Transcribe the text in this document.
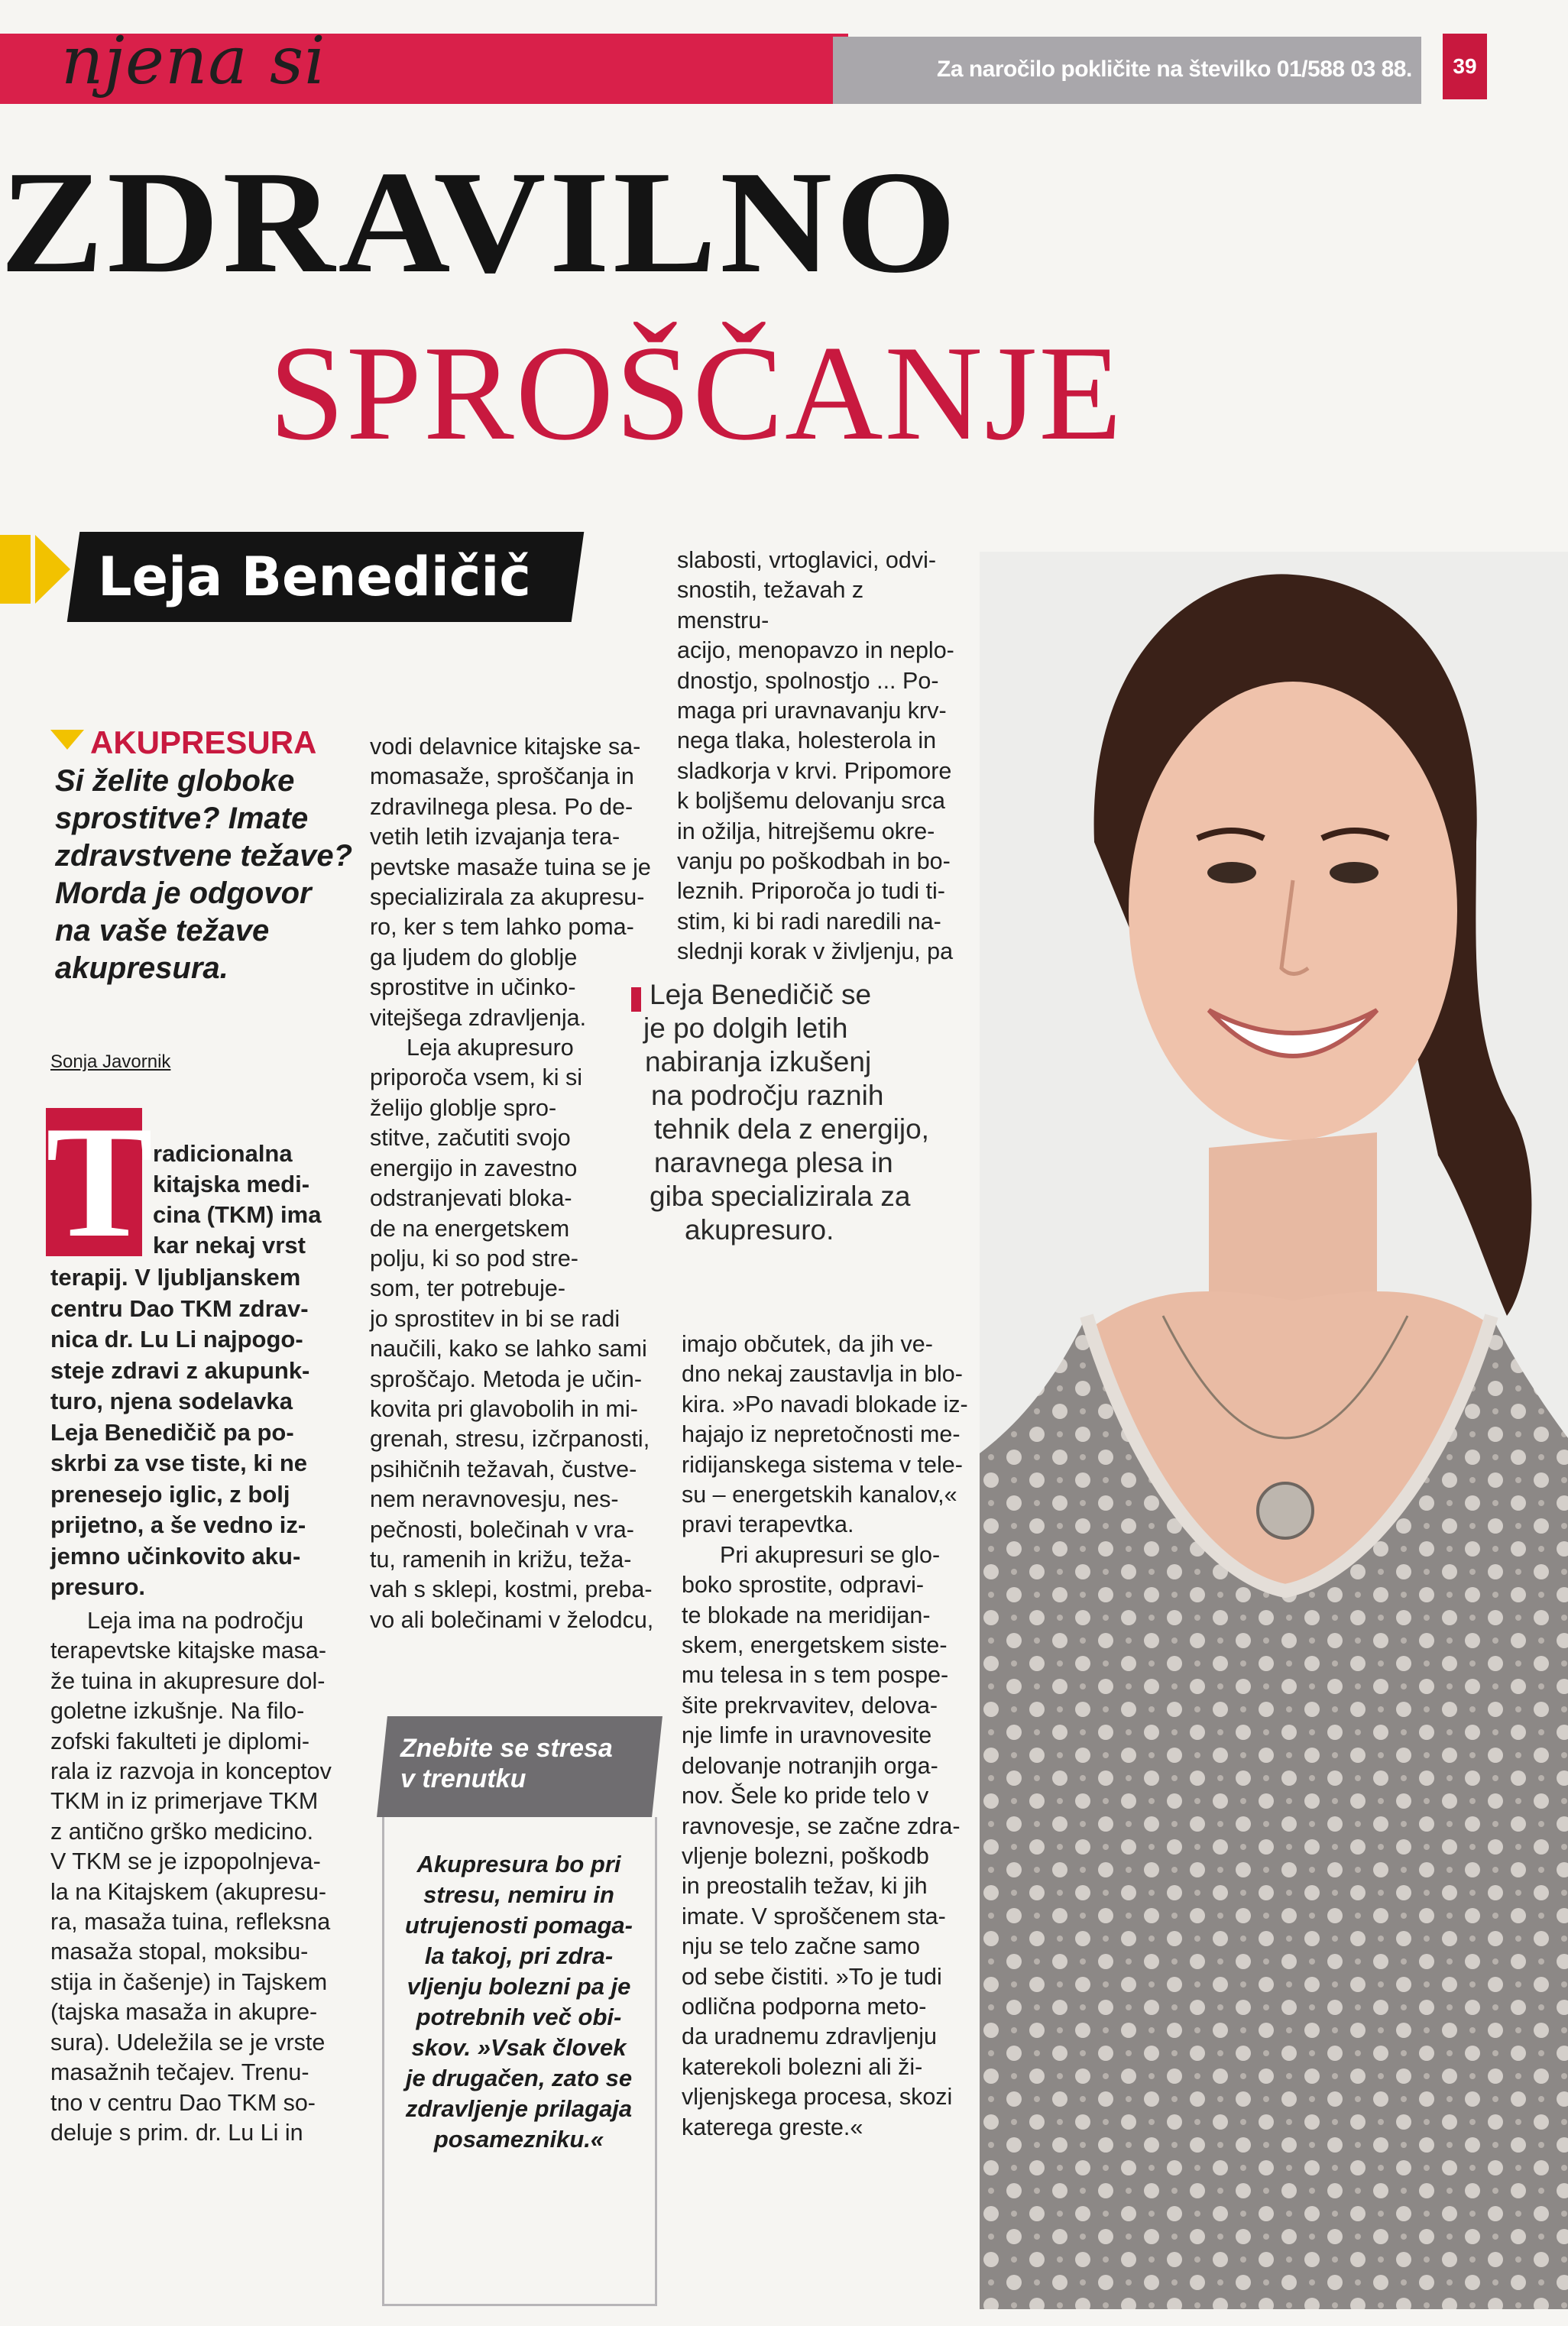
njena si	Za naročilo pokličite na številko 01/588 03 88.	39
ZDRAVILNO
SPROŠČANJE
Leja Benedičič
AKUPRESURA
Si želite globoke
sprostitve? Imate
zdravstvene težave?
Morda je odgovor
na vaše težave
akupresura.
Sonja Javornik
T radicionalna
kitajska medi-
cina (TKM) ima
kar nekaj vrst
terapij. V ljubljanskem
centru Dao TKM zdrav-
nica dr. Lu Li najpogo-
steje zdravi z akupunk-
turo, njena sodelavka
Leja Benedičič pa po-
skrbi za vse tiste, ki ne
prenesejo iglic, z bolj
prijetno, a še vedno iz-
jemno učinkovito aku-
presuro.
Leja ima na področju
terapevtske kitajske masa-
že tuina in akupresure dol-
goletne izkušnje. Na filo-
zofski fakulteti je diplomi-
rala iz razvoja in konceptov
TKM in iz primerjave TKM
z antično grško medicino.
V TKM se je izpopolnjeva-
la na Kitajskem (akupresu-
ra, masaža tuina, refleksna
masaža stopal, moksibu-
stija in čašenje) in Tajskem
(tajska masaža in akupre-
sura). Udeležila se je vrste
masažnih tečajev. Trenu-
tno v centru Dao TKM so-
deluje s prim. dr. Lu Li in
vodi delavnice kitajske sa-
momasaže, sproščanja in
zdravilnega plesa. Po de-
vetih letih izvajanja tera-
pevtske masaže tuina se je
specializirala za akupresu-
ro, ker s tem lahko poma-
ga ljudem do globlje
sprostitve in učinko-
vitejšega zdravljenja.
Leja akupresuro
priporoča vsem, ki si
želijo globlje spro-
stitve, začutiti svojo
energijo in zavestno
odstranjevati bloka-
de na energetskem
polju, ki so pod stre-
som, ter potrebuje-
jo sprostitev in bi se radi
naučili, kako se lahko sami
sproščajo. Metoda je učin-
kovita pri glavobolih in mi-
grenah, stresu, izčrpanosti,
psihičnih težavah, čustve-
nem neravnovesju, nes-
pečnosti, bolečinah v vra-
tu, ramenih in križu, teža-
vah s sklepi, kostmi, preba-
vo ali bolečinami v želodcu,
Znebite se stresa
v trenutku
Akupresura bo pri
stresu, nemiru in
utrujenosti pomaga-
la takoj, pri zdra-
vljenju bolezni pa je
potrebnih več obi-
skov. »Vsak človek
je drugačen, zato se
zdravljenje prilagaja
posamezniku.«
slabosti, vrtoglavici, odvi-
snostih, težavah z menstru-
acijo, menopavzo in neplo-
dnostjo, spolnostjo ... Po-
maga pri uravnavanju krv-
nega tlaka, holesterola in
sladkorja v krvi. Pripomore
k boljšemu delovanju srca
in ožilja, hitrejšemu okre-
vanju po poškodbah in bo-
leznih. Priporoča jo tudi ti-
stim, ki bi radi naredili na-
slednji korak v življenju, pa
Leja Benedičič se
je po dolgih letih
nabiranja izkušenj
na področju raznih
tehnik dela z energijo,
naravnega plesa in
giba specializirala za
akupresuro.
imajo občutek, da jih ve-
dno nekaj zaustavlja in blo-
kira. »Po navadi blokade iz-
hajajo iz nepretočnosti me-
ridijanskega sistema v tele-
su – energetskih kanalov,«
pravi terapevtka.
Pri akupresuri se glo-
boko sprostite, odpravi-
te blokade na meridijan-
skem, energetskem siste-
mu telesa in s tem pospe-
šite prekrvavitev, delova-
nje limfe in uravnovesite
delovanje notranjih orga-
nov. Šele ko pride telo v
ravnovesje, se začne zdra-
vljenje bolezni, poškodb
in preostalih težav, ki jih
imate. V sproščenem sta-
nju se telo začne samo
od sebe čistiti. »To je tudi
odlična podporna meto-
da uradnemu zdravljenju
katerekoli bolezni ali ži-
vljenjskega procesa, skozi
katerega greste.«
